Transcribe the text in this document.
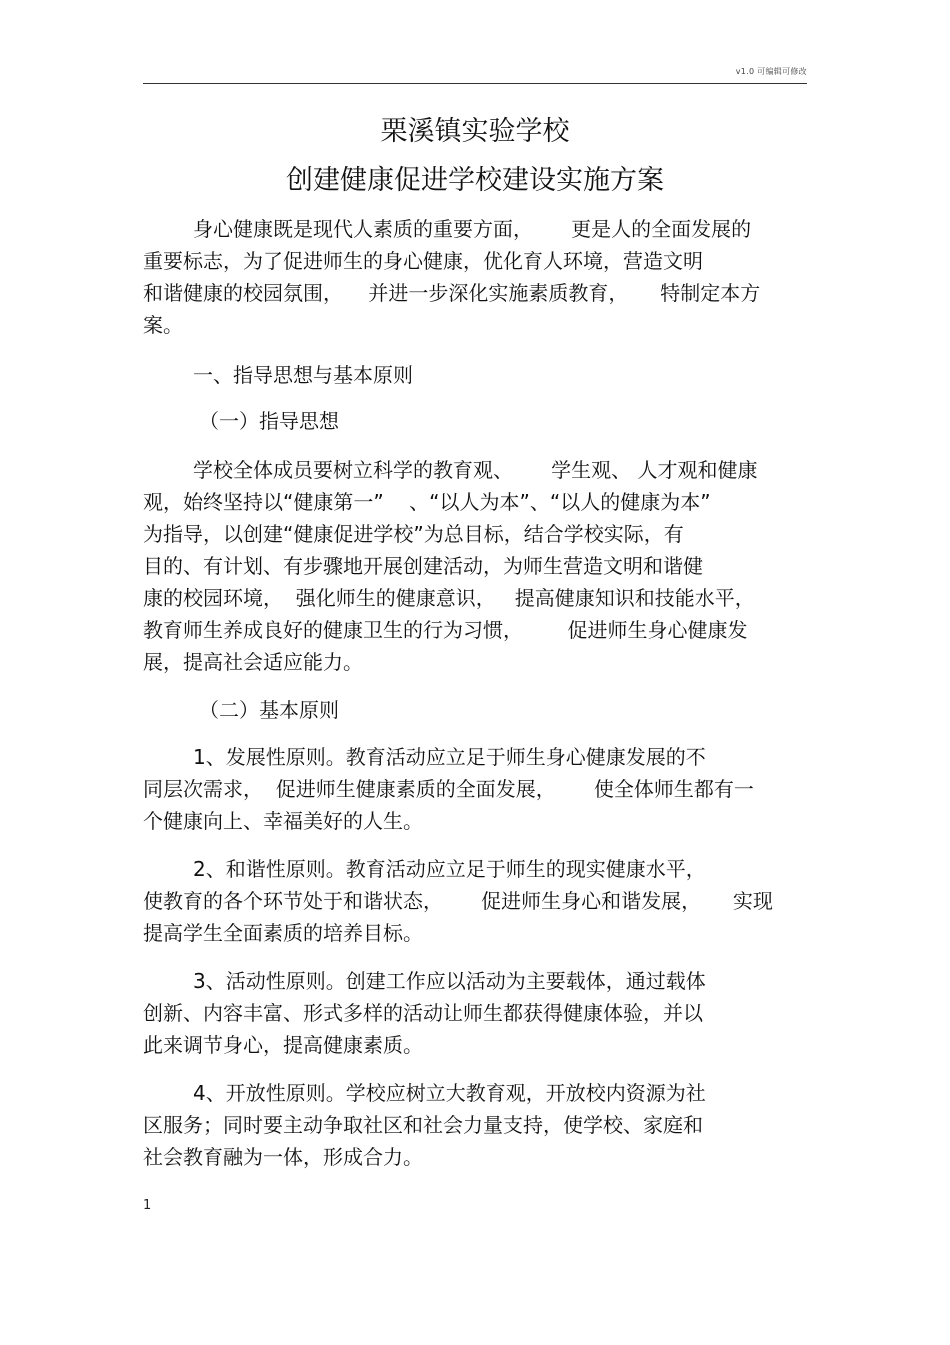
v1.0 可编辑可修改
栗溪镇实验学校
创建健康促进学校建设实施方案
身心健康既是现代人素质的重要方面，      更是人的全面发展的
重要标志，为了促进师生的身心健康，优化育人环境，营造文明
和谐健康的校园氛围，    并进一步深化实施素质教育，     特制定本方
案。
一、指导思想与基本原则
（一）指导思想
学校全体成员要树立科学的教育观、      学生观、 人才观和健康
观，始终坚持以“健康第一”    、“以人为本”、“以人的健康为本”
为指导，以创建“健康促进学校”为总目标，结合学校实际，有
目的、有计划、有步骤地开展创建活动，为师生营造文明和谐健
康的校园环境，  强化师生的健康意识，   提高健康知识和技能水平，
教育师生养成良好的健康卫生的行为习惯，       促进师生身心健康发
展，提高社会适应能力。
（二）基本原则
1、发展性原则。教育活动应立足于师生身心健康发展的不
同层次需求，  促进师生健康素质的全面发展，      使全体师生都有一
个健康向上、幸福美好的人生。
2、和谐性原则。教育活动应立足于师生的现实健康水平，
使教育的各个环节处于和谐状态，      促进师生身心和谐发展，     实现
提高学生全面素质的培养目标。
3、活动性原则。创建工作应以活动为主要载体，通过载体
创新、内容丰富、形式多样的活动让师生都获得健康体验，并以
此来调节身心，提高健康素质。
4、开放性原则。学校应树立大教育观，开放校内资源为社
区服务；同时要主动争取社区和社会力量支持，使学校、家庭和
社会教育融为一体，形成合力。
1
